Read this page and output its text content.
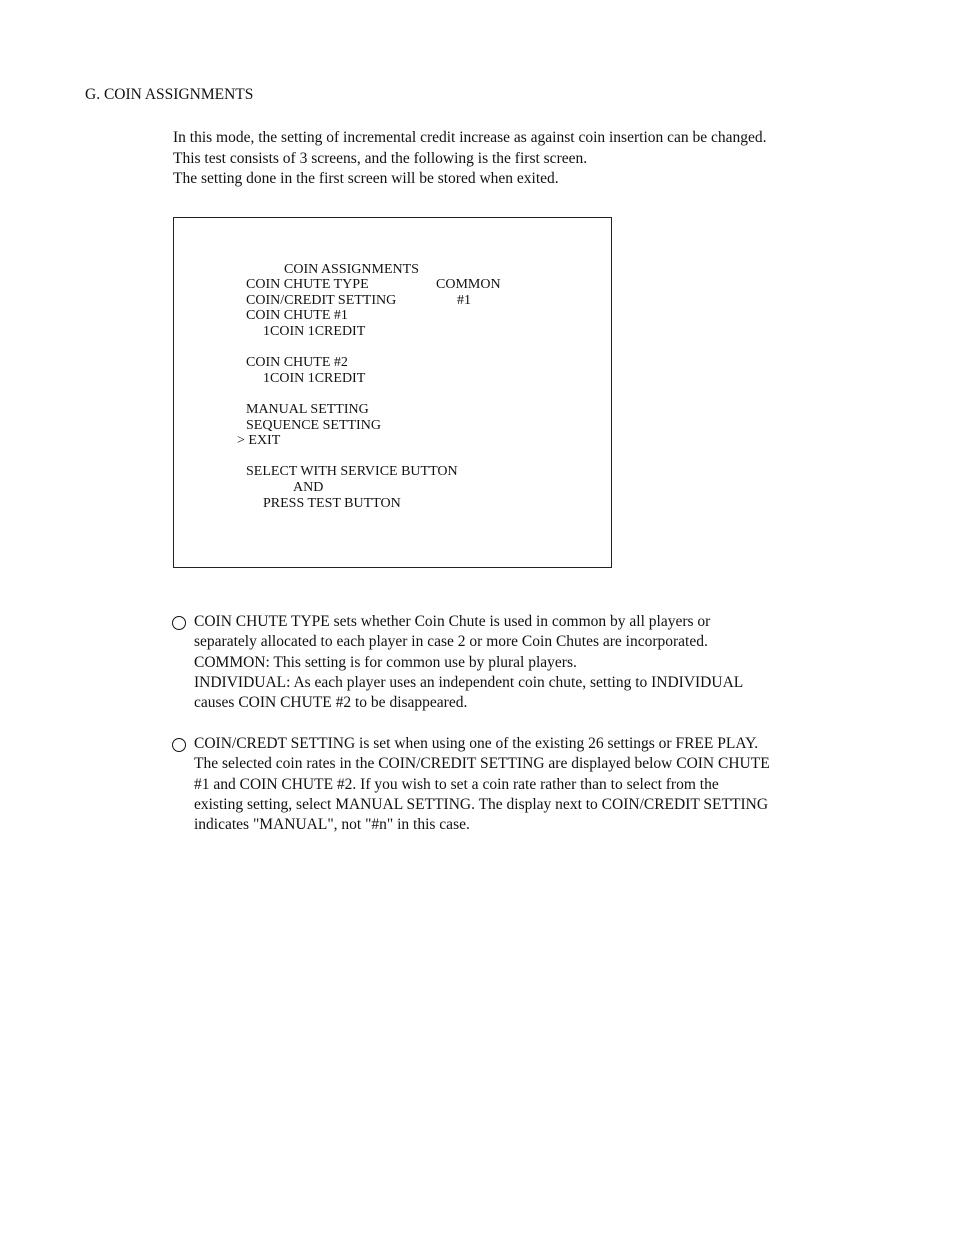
G. COIN ASSIGNMENTS
In this mode, the setting of incremental credit increase as against coin insertion can be changed.
This test consists of 3 screens, and the following is the first screen.
The setting done in the first screen will be stored when exited.
COIN ASSIGNMENTS
COIN CHUTE TYPE	COMMON
COIN/CREDIT SETTING	#1
COIN CHUTE #1
1COIN 1CREDIT
COIN CHUTE #2
1COIN 1CREDIT
MANUAL SETTING
SEQUENCE SETTING
> EXIT
SELECT WITH SERVICE BUTTON
AND
PRESS TEST BUTTON
COIN CHUTE TYPE sets whether Coin Chute is used in common by all players or
separately allocated to each player in case 2 or more Coin Chutes are incorporated.
COMMON: This setting is for common use by plural players.
INDIVIDUAL: As each player uses an independent coin chute, setting to INDIVIDUAL
causes COIN CHUTE #2 to be disappeared.
COIN/CREDT SETTING is set when using one of the existing 26 settings or FREE PLAY.
The selected coin rates in the COIN/CREDIT SETTING are displayed below COIN CHUTE
#1 and COIN CHUTE #2. If you wish to set a coin rate rather than to select from the
existing setting, select MANUAL SETTING. The display next to COIN/CREDIT SETTING
indicates "MANUAL", not "#n" in this case.
